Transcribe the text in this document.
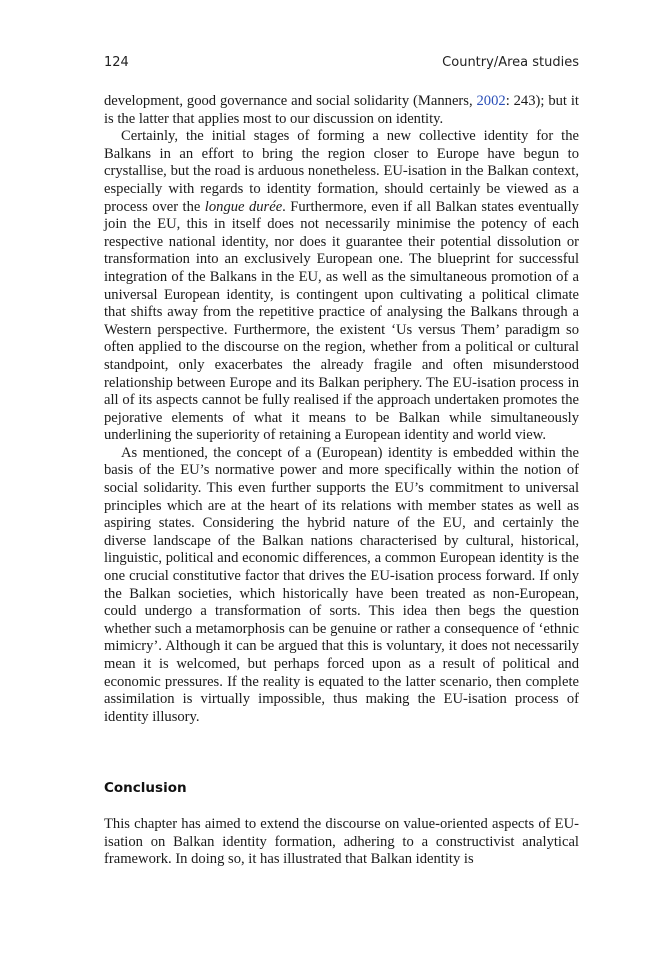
124	Country/Area studies

development, good governance and social solidarity (Manners, 2002: 243); but it is the latter that applies most to our discussion on identity.

Certainly, the initial stages of forming a new collective identity for the Balkans in an effort to bring the region closer to Europe have begun to crystallise, but the road is arduous nonetheless. EU-isation in the Balkan context, especially with regards to identity formation, should certainly be viewed as a process over the longue durée. Furthermore, even if all Balkan states eventually join the EU, this in itself does not necessarily minimise the potency of each respective national identity, nor does it guarantee their potential dissolution or transformation into an exclusively European one. The blueprint for successful integration of the Balkans in the EU, as well as the simultaneous promotion of a universal European identity, is contingent upon cultivating a political climate that shifts away from the repetitive practice of analysing the Balkans through a Western perspective. Furthermore, the existent ‘Us versus Them’ paradigm so often applied to the discourse on the region, whether from a political or cultural standpoint, only exacerbates the already fragile and often misunderstood relationship between Europe and its Balkan periphery. The EU-isation process in all of its aspects cannot be fully realised if the approach undertaken promotes the pejorative elements of what it means to be Balkan while simultaneously underlining the superiority of retaining a European identity and world view.

As mentioned, the concept of a (European) identity is embedded within the basis of the EU’s normative power and more specifically within the notion of social solidarity. This even further supports the EU’s commitment to universal principles which are at the heart of its relations with member states as well as aspiring states. Considering the hybrid nature of the EU, and certainly the diverse landscape of the Balkan nations characterised by cultural, historical, linguistic, political and economic differences, a common European identity is the one crucial constitutive factor that drives the EU-isation process forward. If only the Balkan societies, which historically have been treated as non-European, could undergo a transformation of sorts. This idea then begs the question whether such a metamorphosis can be genuine or rather a consequence of ‘ethnic mimicry’. Although it can be argued that this is voluntary, it does not necessarily mean it is welcomed, but perhaps forced upon as a result of political and economic pressures. If the reality is equated to the latter scenario, then complete assimilation is virtually impossible, thus making the EU-isation process of identity illusory.

Conclusion

This chapter has aimed to extend the discourse on value-oriented aspects of EU-isation on Balkan identity formation, adhering to a constructivist analytical framework. In doing so, it has illustrated that Balkan identity is
